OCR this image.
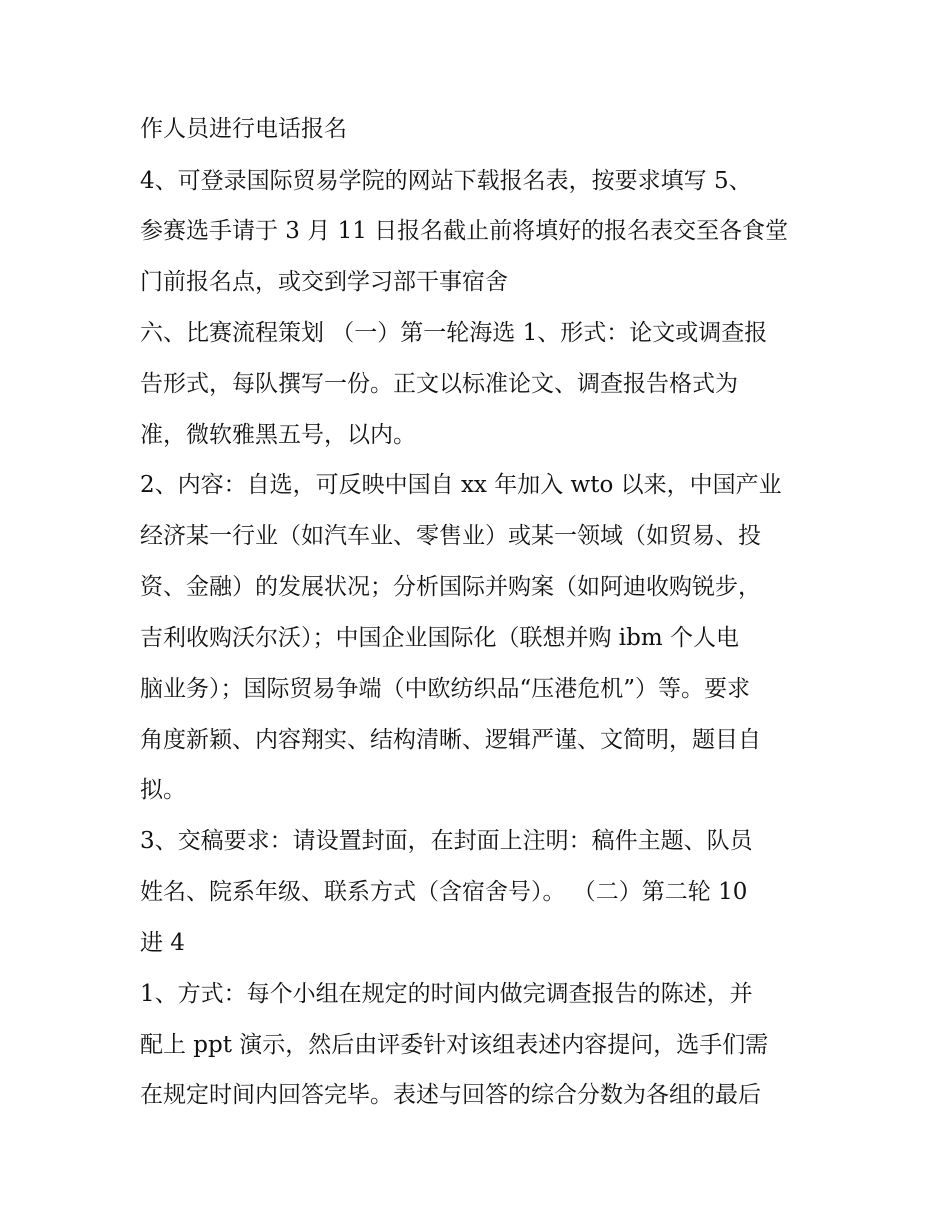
作人员进行电话报名

4、可登录国际贸易学院的网站下载报名表，按要求填写 5、

参赛选手请于 3 月 11 日报名截止前将填好的报名表交至各食堂

门前报名点，或交到学习部干事宿舍

六、比赛流程策划 （一）第一轮海选 1、形式：论文或调查报

告形式，每队撰写一份。正文以标准论文、调查报告格式为

准，微软雅黑五号，以内。

2、内容：自选，可反映中国自 xx 年加入 wto 以来，中国产业

经济某一行业（如汽车业、零售业）或某一领域（如贸易、投

资、金融）的发展状况；分析国际并购案（如阿迪收购锐步，

吉利收购沃尔沃）；中国企业国际化（联想并购 ibm 个人电

脑业务）；国际贸易争端（中欧纺织品“压港危机”）等。要求

角度新颖、内容翔实、结构清晰、逻辑严谨、文简明，题目自

拟。

3、交稿要求：请设置封面，在封面上注明：稿件主题、队员

姓名、院系年级、联系方式（含宿舍号）。 （二）第二轮 10

进 4

1、方式：每个小组在规定的时间内做完调查报告的陈述，并

配上 ppt 演示，然后由评委针对该组表述内容提问，选手们需

在规定时间内回答完毕。表述与回答的综合分数为各组的最后
